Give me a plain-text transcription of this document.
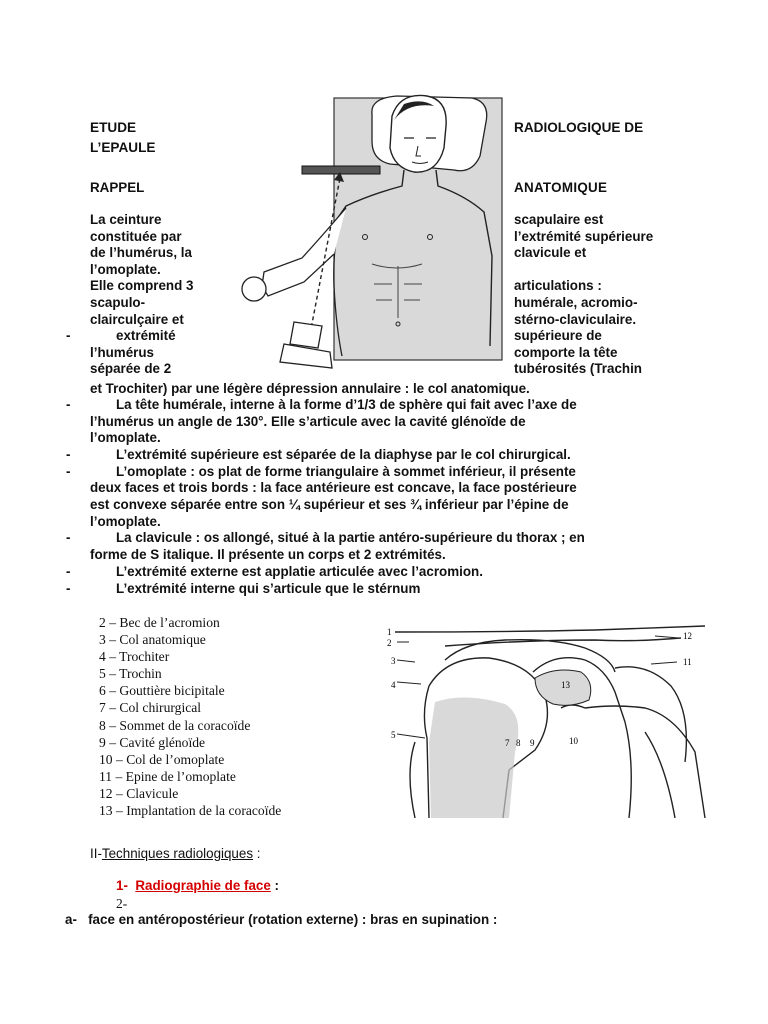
ETUDE	RADIOLOGIQUE DE
L’EPAULE
RAPPEL	ANATOMIQUE
La ceinture
constituée par
de l’humérus, la
l’omoplate.
Elle comprend 3
scapulo-
clairculçaire et
extrémité
l’humérus
séparée de 2
scapulaire est
l’extrémité supérieure
clavicule et

articulations :
humérale, acromio-
stérno-claviculaire.
supérieure de
comporte la tête
tubérosités (Trachin
-
-
-
-
-
-
-
et Trochiter) par une légère dépression annulaire : le col anatomique.
La tête humérale, interne à la forme d’1/3 de sphère qui fait avec l’axe de
l’humérus un angle de 130°. Elle s’articule avec la cavité glénoïde de
l’omoplate.
L’extrémité supérieure est séparée de la diaphyse par le col chirurgical.
L’omoplate : os plat de forme triangulaire à sommet inférieur, il présente
deux faces et trois bords : la face antérieure est concave, la face postérieure
est convexe séparée entre son ¼ supérieur et ses ¾ inférieur par l’épine de
l’omoplate.
La clavicule : os allongé, situé à la partie antéro-supérieure du thorax ; en
forme de S italique. Il présente un corps et 2 extrémités.
L’extrémité externe est applatie articulée avec l’acromion.
L’extrémité interne qui s’articule que le stérnum
2 – Bec de l’acromion
3 – Col anatomique
4 – Trochiter
5 – Trochin
6 – Gouttière bicipitale
7 – Col chirurgical
8 – Sommet de la coracoïde
9 – Cavité glénoïde
10 – Col de l’omoplate
11 – Epine de l’omoplate
12 – Clavicule
13 – Implantation de la coracoïde
1
2
3
4
5
7 8 9	10
11
12
13
II-Techniques radiologiques :
1- Radiographie de face :
2-
a- face en antéropostérieur (rotation externe) : bras en supination :
